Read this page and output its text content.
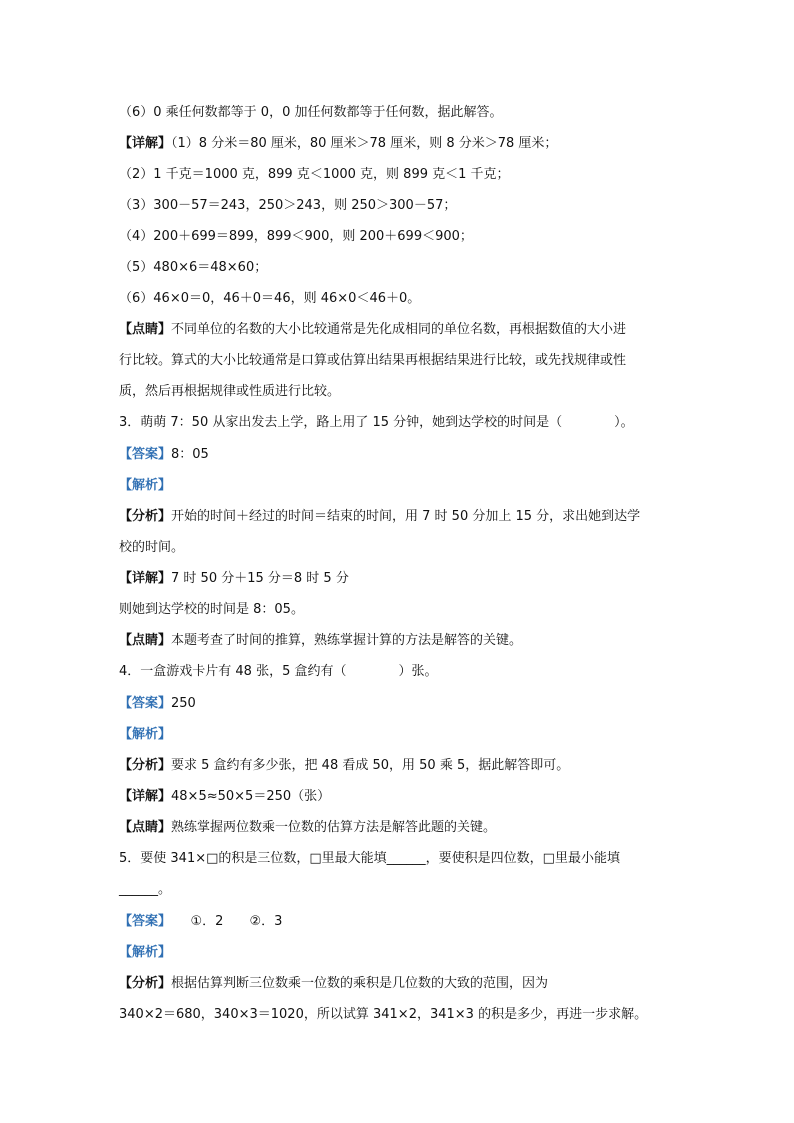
（6）0 乘任何数都等于 0，0 加任何数都等于任何数，据此解答。
【详解】（1）8 分米＝80 厘米，80 厘米＞78 厘米，则 8 分米＞78 厘米；
（2）1 千克＝1000 克，899 克＜1000 克，则 899 克＜1 千克；
（3）300－57＝243，250＞243，则 250＞300－57；
（4）200＋699＝899，899＜900，则 200＋699＜900；
（5）480×6＝48×60；
（6）46×0＝0，46＋0＝46，则 46×0＜46＋0。
【点睛】不同单位的名数的大小比较通常是先化成相同的单位名数，再根据数值的大小进
行比较。算式的大小比较通常是口算或估算出结果再根据结果进行比较，或先找规律或性
质，然后再根据规律或性质进行比较。
3．萌萌 7：50 从家出发去上学，路上用了 15 分钟，她到达学校的时间是（　　　　）。
【答案】8：05
【解析】
【分析】开始的时间＋经过的时间＝结束的时间，用 7 时 50 分加上 15 分，求出她到达学
校的时间。
【详解】7 时 50 分＋15 分＝8 时 5 分
则她到达学校的时间是 8：05。
【点睛】本题考查了时间的推算，熟练掌握计算的方法是解答的关键。
4．一盒游戏卡片有 48 张，5 盒约有（　　　　）张。
【答案】250
【解析】
【分析】要求 5 盒约有多少张，把 48 看成 50，用 50 乘 5，据此解答即可。
【详解】48×5≈50×5＝250（张）
【点睛】熟练掌握两位数乘一位数的估算方法是解答此题的关键。
5．要使 341×□的积是三位数，□里最大能填______，要使积是四位数，□里最小能填
______。
【答案】　　①．2　　②．3
【解析】
【分析】根据估算判断三位数乘一位数的乘积是几位数的大致的范围，因为
340×2＝680，340×3＝1020，所以试算 341×2，341×3 的积是多少，再进一步求解。
